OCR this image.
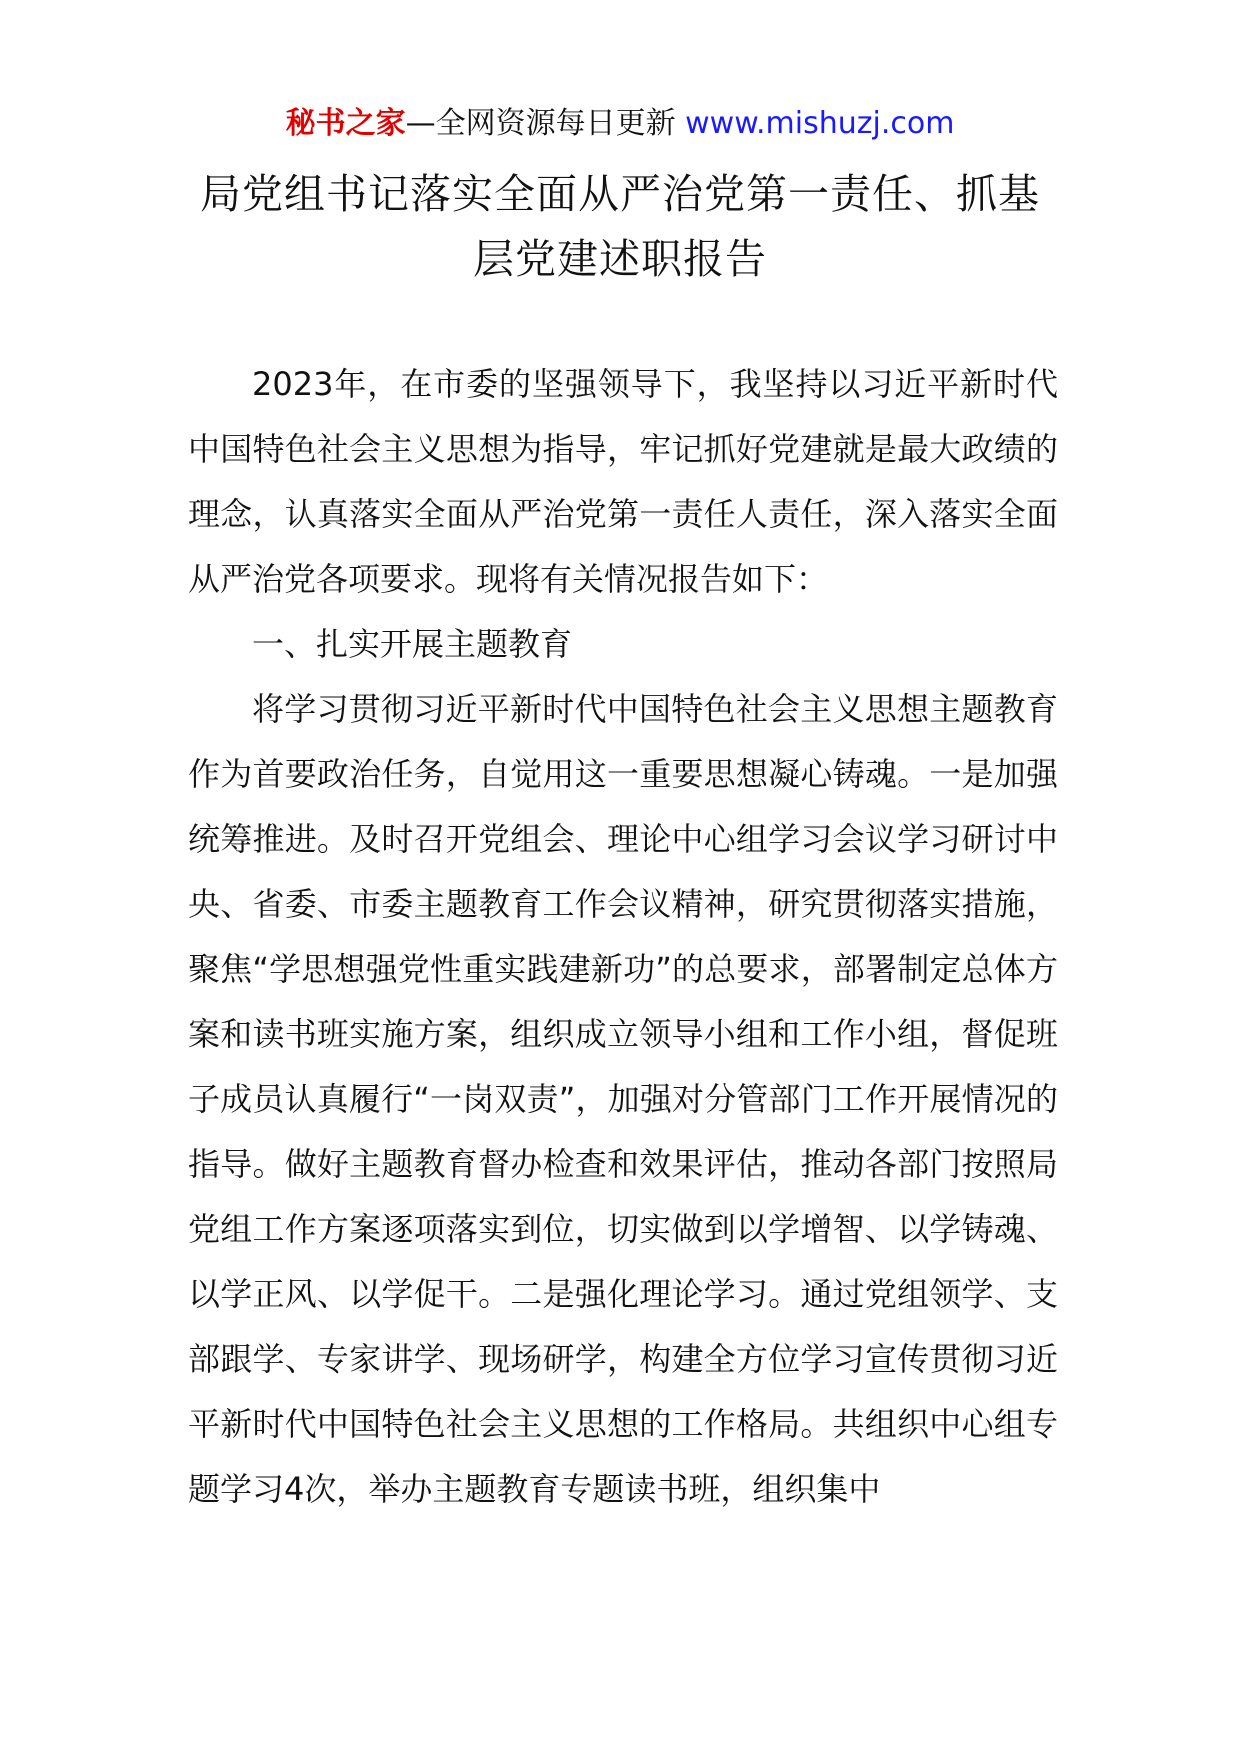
秘书之家—全网资源每日更新 www.mishuzj.com
局党组书记落实全面从严治党第一责任、抓基
层党建述职报告

2023年，在市委的坚强领导下，我坚持以习近平新时代中国特色社会主义思想为指导，牢记抓好党建就是最大政绩的理念，认真落实全面从严治党第一责任人责任，深入落实全面从严治党各项要求。现将有关情况报告如下：

一、扎实开展主题教育

将学习贯彻习近平新时代中国特色社会主义思想主题教育作为首要政治任务，自觉用这一重要思想凝心铸魂。一是加强统筹推进。及时召开党组会、理论中心组学习会议学习研讨中央、省委、市委主题教育工作会议精神，研究贯彻落实措施，聚焦“学思想强党性重实践建新功”的总要求，部署制定总体方案和读书班实施方案，组织成立领导小组和工作小组，督促班子成员认真履行“一岗双责”，加强对分管部门工作开展情况的指导。做好主题教育督办检查和效果评估，推动各部门按照局党组工作方案逐项落实到位，切实做到以学增智、以学铸魂、以学正风、以学促干。二是强化理论学习。通过党组领学、支部跟学、专家讲学、现场研学，构建全方位学习宣传贯彻习近平新时代中国特色社会主义思想的工作格局。共组织中心组专题学习4次，举办主题教育专题读书班，组织集中
